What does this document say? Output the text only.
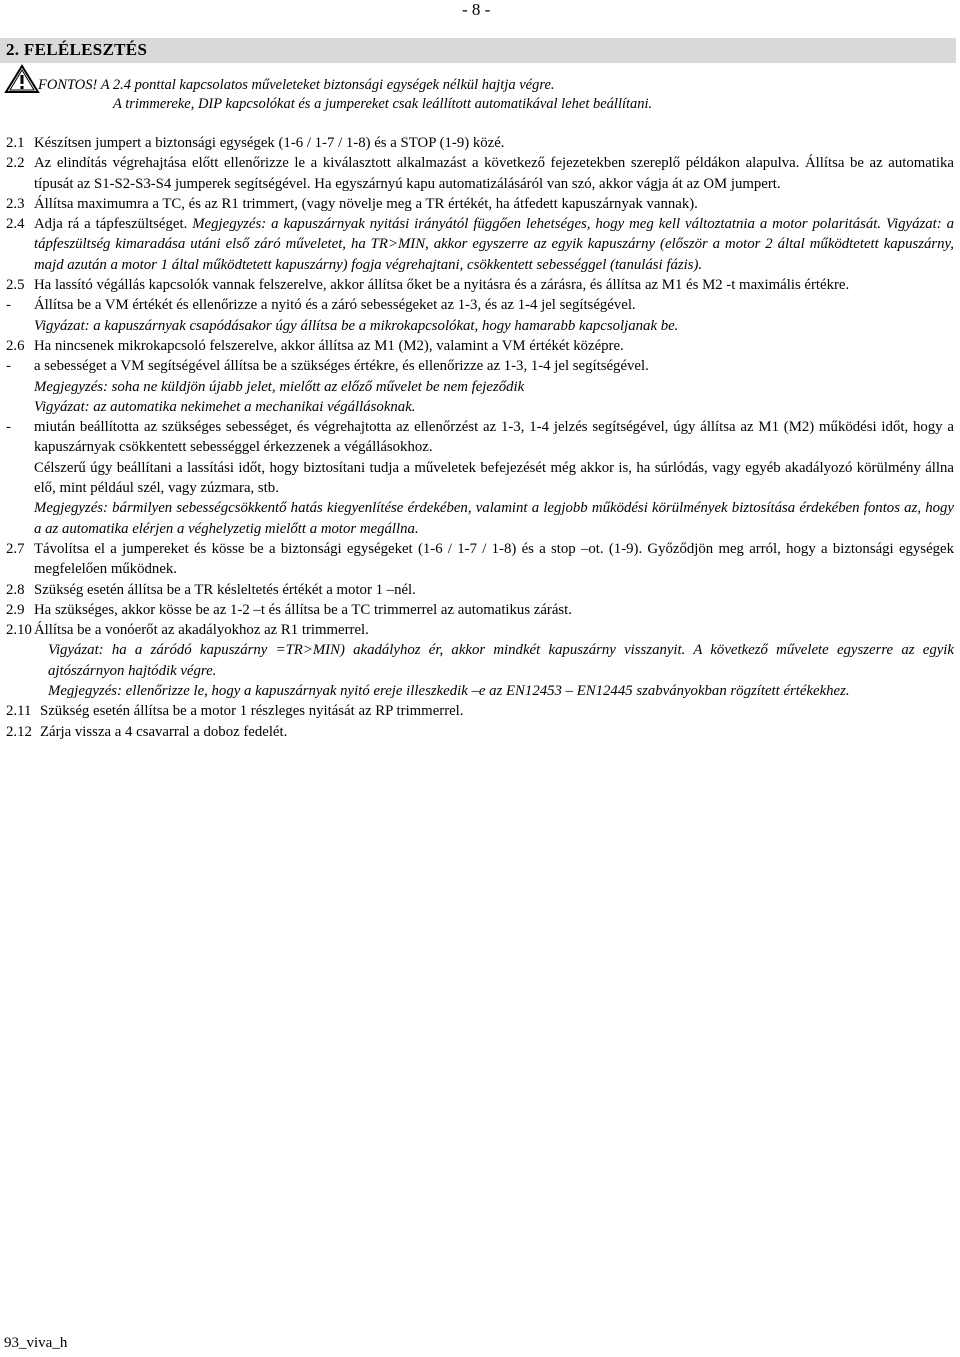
- 8 -
2. FELÉLESZTÉS
FONTOS! A 2.4 ponttal kapcsolatos műveleteket biztonsági egységek nélkül hajtja végre.
A trimmereke, DIP kapcsolókat és a jumpereket csak leállított automatikával lehet beállítani.
2.1 Készítsen jumpert a biztonsági egységek (1-6 / 1-7 / 1-8) és a STOP (1-9) közé.
2.2 Az elindítás végrehajtása előtt ellenőrizze le a kiválasztott alkalmazást a következő fejezetekben szereplő példákon alapulva. Állítsa be az automatika típusát az S1-S2-S3-S4 jumperek segítségével. Ha egyszárnyú kapu automatizálásáról van szó, akkor vágja át az OM jumpert.

2.3 Állítsa maximumra a TC, és az R1 trimmert, (vagy növelje meg a TR értékét, ha átfedett kapuszárnyak vannak).
2.4 Adja rá a tápfeszültséget. Megjegyzés: a kapuszárnyak nyitási irányától függően lehetséges, hogy meg kell változtatnia a motor polaritását. Vigyázat: a tápfeszültség kimaradása utáni első záró műveletet, ha TR>MIN, akkor egyszerre az egyik kapuszárny (először a motor 2 által működtetett kapuszárny, majd azután a motor 1 által működtetett kapuszárny) fogja végrehajtani, csökkentett sebességgel (tanulási fázis).

2.5 Ha lassító végállás kapcsolók vannak felszerelve, akkor állítsa őket be a nyitásra és a zárásra, és állítsa az M1 és M2 -t maximális értékre.

- Állítsa be a VM értékét és ellenőrizze a nyitó és a záró sebességeket az 1-3, és az 1-4 jel segítségével.

Vigyázat: a kapuszárnyak csapódásakor úgy állítsa be a mikrokapcsolókat, hogy hamarabb kapcsoljanak be.

2.6 Ha nincsenek mikrokapcsoló felszerelve, akkor állítsa az M1 (M2), valamint a VM értékét középre.

- a sebességet a VM segítségével állítsa be a szükséges értékre, és ellenőrizze az 1-3, 1-4 jel segítségével.

Megjegyzés: soha ne küldjön újabb jelet, mielőtt az előző művelet be nem fejeződik

Vigyázat: az automatika nekimehet a mechanikai végállásoknak.

- miután beállította az szükséges sebességet, és végrehajtotta az ellenőrzést az 1-3, 1-4 jelzés segítségével, úgy állítsa az M1 (M2) működési időt, hogy a kapuszárnyak csökkentett sebességgel érkezzenek a végállásokhoz.

Célszerű úgy beállítani a lassítási időt, hogy biztosítani tudja a műveletek befejezését még akkor is, ha súrlódás, vagy egyéb akadályozó körülmény állna elő, mint például szél, vagy zúzmara, stb.

Megjegyzés: bármilyen sebességcsökkentő hatás kiegyenlítése érdekében, valamint a legjobb működési körülmények biztosítása érdekében fontos az, hogy a az automatika elérjen a véghelyzetig mielőtt a motor megállna.

2.7 Távolítsa el a jumpereket és kösse be a biztonsági egységeket (1-6 / 1-7 / 1-8) és a stop –ot. (1-9). Győződjön meg arról, hogy a biztonsági egységek megfelelően működnek.

2.8 Szükség esetén állítsa be a TR késleltetés értékét a motor 1 –nél.
2.9 Ha szükséges, akkor kösse be az 1-2 –t és állítsa be a TC trimmerrel az automatikus zárást.
2.10 Állítsa be a vonóerőt az akadályokhoz az R1 trimmerrel.

Vigyázat: ha a záródó kapuszárny =TR>MIN) akadályhoz ér, akkor mindkét kapuszárny visszanyit. A következő művelete egyszerre az egyik ajtószárnyon hajtódik végre.

Megjegyzés: ellenőrizze le, hogy a kapuszárnyak nyitó ereje illeszkedik –e az EN12453 – EN12445 szabványokban rögzített értékekhez.

2.11 Szükség esetén állítsa be a motor 1 részleges nyitását az RP trimmerrel.
2.12 Zárja vissza a 4 csavarral a doboz fedelét.
93_viva_h
